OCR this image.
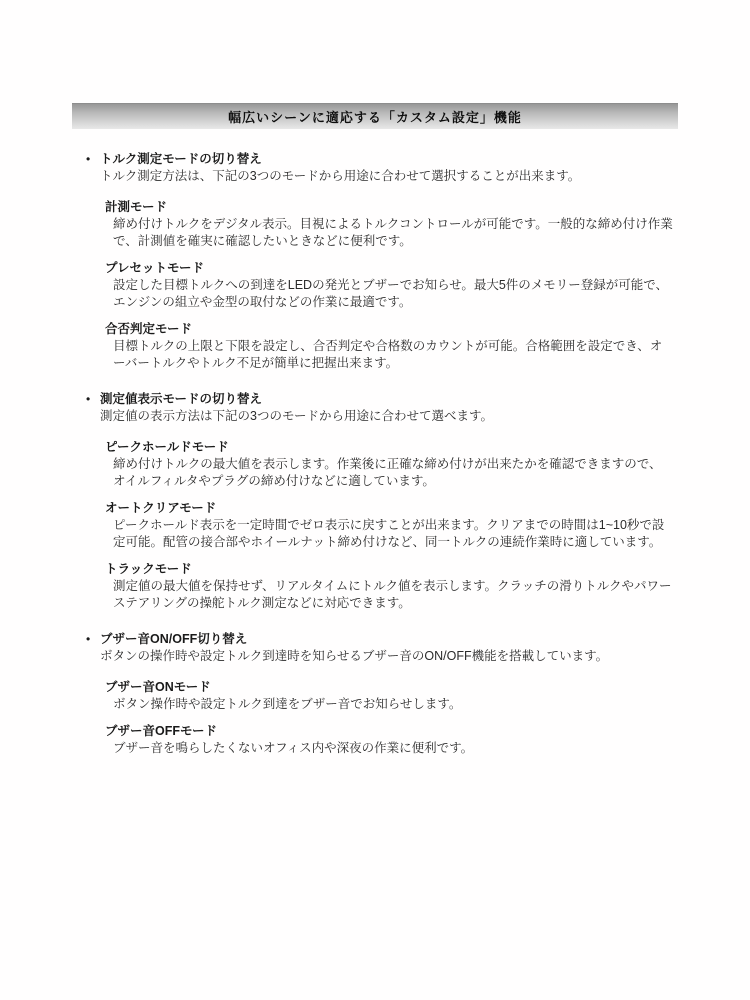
幅広いシーンに適応する「カスタム設定」機能
• トルク測定モードの切り替え
トルク測定方法は、下記の3つのモードから用途に合わせて選択することが出来ます。
計測モード
締め付けトルクをデジタル表示。目視によるトルクコントロールが可能です。一般的な締め付け作業で、計測値を確実に確認したいときなどに便利です。
プレセットモード
設定した目標トルクへの到達をLEDの発光とブザーでお知らせ。最大5件のメモリー登録が可能で、エンジンの組立や金型の取付などの作業に最適です。
合否判定モード
目標トルクの上限と下限を設定し、合否判定や合格数のカウントが可能。合格範囲を設定でき、オーバートルクやトルク不足が簡単に把握出来ます。
• 測定値表示モードの切り替え
測定値の表示方法は下記の3つのモードから用途に合わせて選べます。
ピークホールドモード
締め付けトルクの最大値を表示します。作業後に正確な締め付けが出来たかを確認できますので、オイルフィルタやプラグの締め付けなどに適しています。
オートクリアモード
ピークホールド表示を一定時間でゼロ表示に戻すことが出来ます。クリアまでの時間は1~10秒で設定可能。配管の接合部やホイールナット締め付けなど、同一トルクの連続作業時に適しています。
トラックモード
測定値の最大値を保持せず、リアルタイムにトルク値を表示します。クラッチの滑りトルクやパワーステアリングの操舵トルク測定などに対応できます。
• ブザー音ON/OFF切り替え
ボタンの操作時や設定トルク到達時を知らせるブザー音のON/OFF機能を搭載しています。
ブザー音ONモード
ボタン操作時や設定トルク到達をブザー音でお知らせします。
ブザー音OFFモード
ブザー音を鳴らしたくないオフィス内や深夜の作業に便利です。
